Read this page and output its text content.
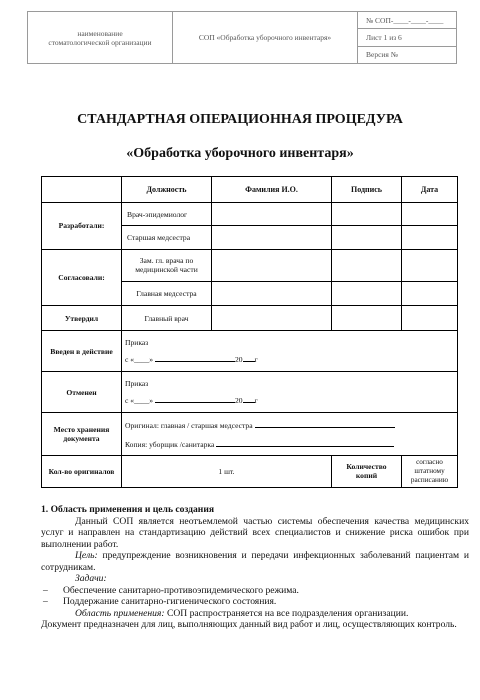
наименование
стоматологической организации	СОП «Обработка уборочного инвентаря»	№ СОП-____-____-____
Лист 1 из 6
Версия №
СТАНДАРТНАЯ ОПЕРАЦИОННАЯ ПРОЦЕДУРА
«Обработка уборочного инвентаря»
	Должность	Фамилия И.О.	Подпись	Дата
Разработали:	Врач-эпидемиолог			
	Старшая медсестра			
Согласовали:	Зам. гл. врача по медицинской части			
	Главная медсестра			
Утвердил	Главный врач			
Введен в действие	Приказ
с «____» 20 г			

Отменен	Приказ
с «____» 20 г			

Место хранения документа	Оригинал: главная / старшая медсестра
Копия: уборщик /санитарка			

Кол-во оригиналов	1 шт.		Количество копий	согласно штатному расписанию

1. Область применения и цель создания

Данный СОП является неотъемлемой частью системы обеспечения качества медицинских услуг и направлен на стандартизацию действий всех специалистов и снижение риска ошибок при выполнении работ.

Цель: предупреждение возникновения и передачи инфекционных заболеваний пациентам и сотрудникам.

Задачи:

– Обеспечение санитарно-противоэпидемического режима.

– Поддержание санитарно-гигиенического состояния.

Область применения: СОП распространяется на все подразделения организации.

Документ предназначен для лиц, выполняющих данный вид работ и лиц, осуществляющих контроль.
